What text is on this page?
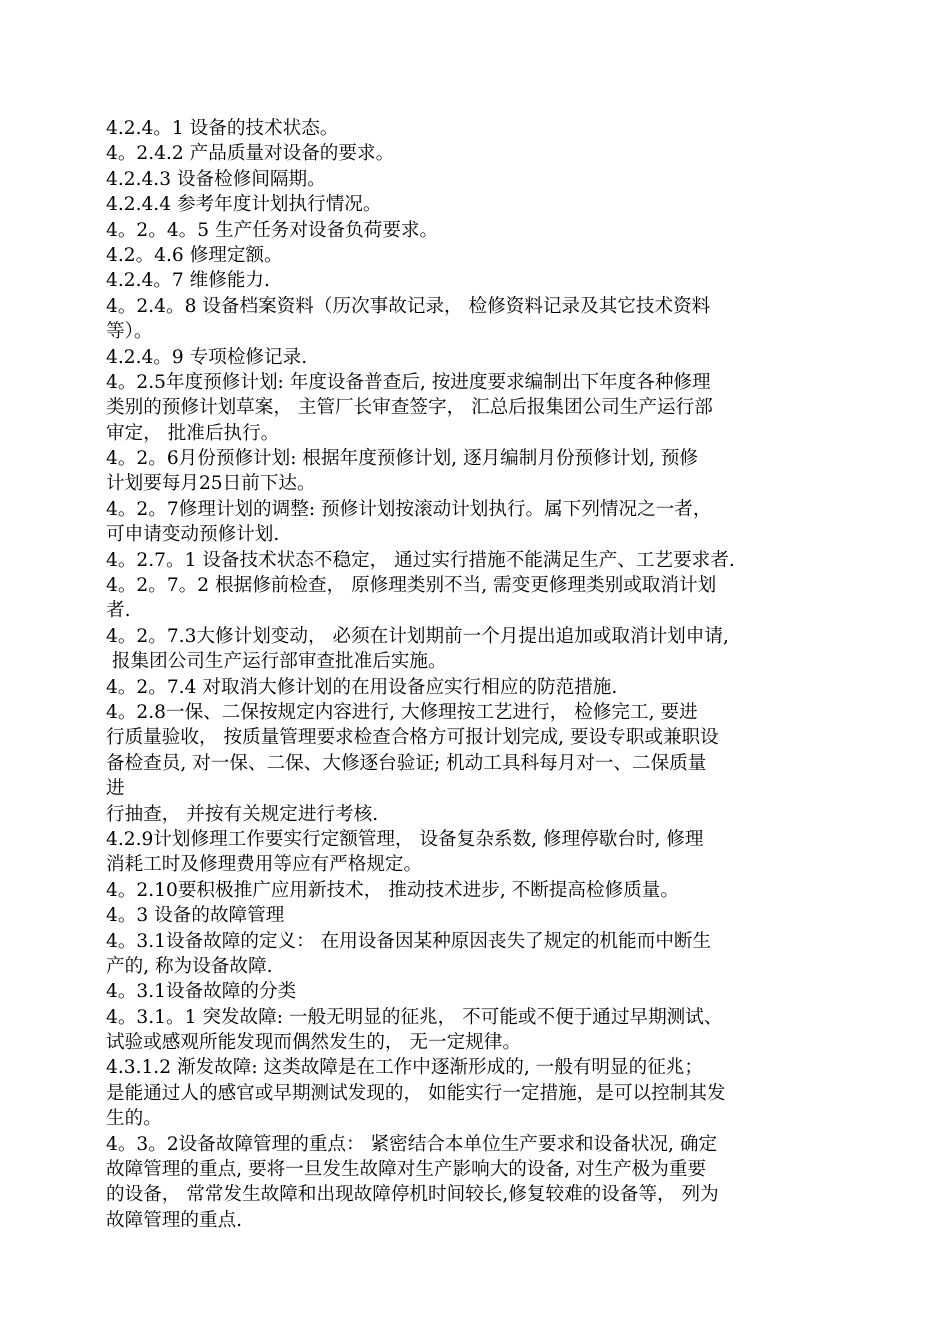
4.2.4。1 设备的技术状态。
4。2.4.2 产品质量对设备的要求。
4.2.4.3 设备检修间隔期。
4.2.4.4 参考年度计划执行情况。
4。2。4。5 生产任务对设备负荷要求。
4.2。4.6 修理定额。
4.2.4。7 维修能力.
4。2.4。8 设备档案资料（历次事故记录， 检修资料记录及其它技术资料
等）。
4.2.4。9 专项检修记录.
4。2.5年度预修计划: 年度设备普查后, 按进度要求编制出下年度各种修理
类别的预修计划草案， 主管厂长审查签字， 汇总后报集团公司生产运行部
审定， 批准后执行。
4。2。6月份预修计划: 根据年度预修计划, 逐月编制月份预修计划, 预修
计划要每月25日前下达。
4。2。7修理计划的调整: 预修计划按滚动计划执行。属下列情况之一者，
可申请变动预修计划.
4。2.7。1 设备技术状态不稳定， 通过实行措施不能满足生产、工艺要求者.
4。2。7。2 根据修前检查， 原修理类别不当, 需变更修理类别或取消计划
者.
4。2。7.3大修计划变动， 必须在计划期前一个月提出追加或取消计划申请,
报集团公司生产运行部审查批准后实施。
4。2。7.4 对取消大修计划的在用设备应实行相应的防范措施.
4。2.8一保、二保按规定内容进行, 大修理按工艺进行， 检修完工, 要进
行质量验收， 按质量管理要求检查合格方可报计划完成, 要设专职或兼职设
备检查员, 对一保、二保、大修逐台验证; 机动工具科每月对一、二保质量
进
行抽查， 并按有关规定进行考核.
4.2.9计划修理工作要实行定额管理， 设备复杂系数, 修理停歇台时, 修理
消耗工时及修理费用等应有严格规定。
4。2.10要积极推广应用新技术， 推动技术进步, 不断提高检修质量。
4。3 设备的故障管理
4。3.1设备故障的定义： 在用设备因某种原因丧失了规定的机能而中断生
产的, 称为设备故障.
4。3.1设备故障的分类
4。3.1。1 突发故障: 一般无明显的征兆， 不可能或不便于通过早期测试、
试验或感观所能发现而偶然发生的， 无一定规律。
4.3.1.2 渐发故障: 这类故障是在工作中逐渐形成的, 一般有明显的征兆；
是能通过人的感官或早期测试发现的， 如能实行一定措施，是可以控制其发
生的。
4。3。2设备故障管理的重点： 紧密结合本单位生产要求和设备状况, 确定
故障管理的重点, 要将一旦发生故障对生产影响大的设备, 对生产极为重要
的设备， 常常发生故障和出现故障停机时间较长,修复较难的设备等， 列为
故障管理的重点.
